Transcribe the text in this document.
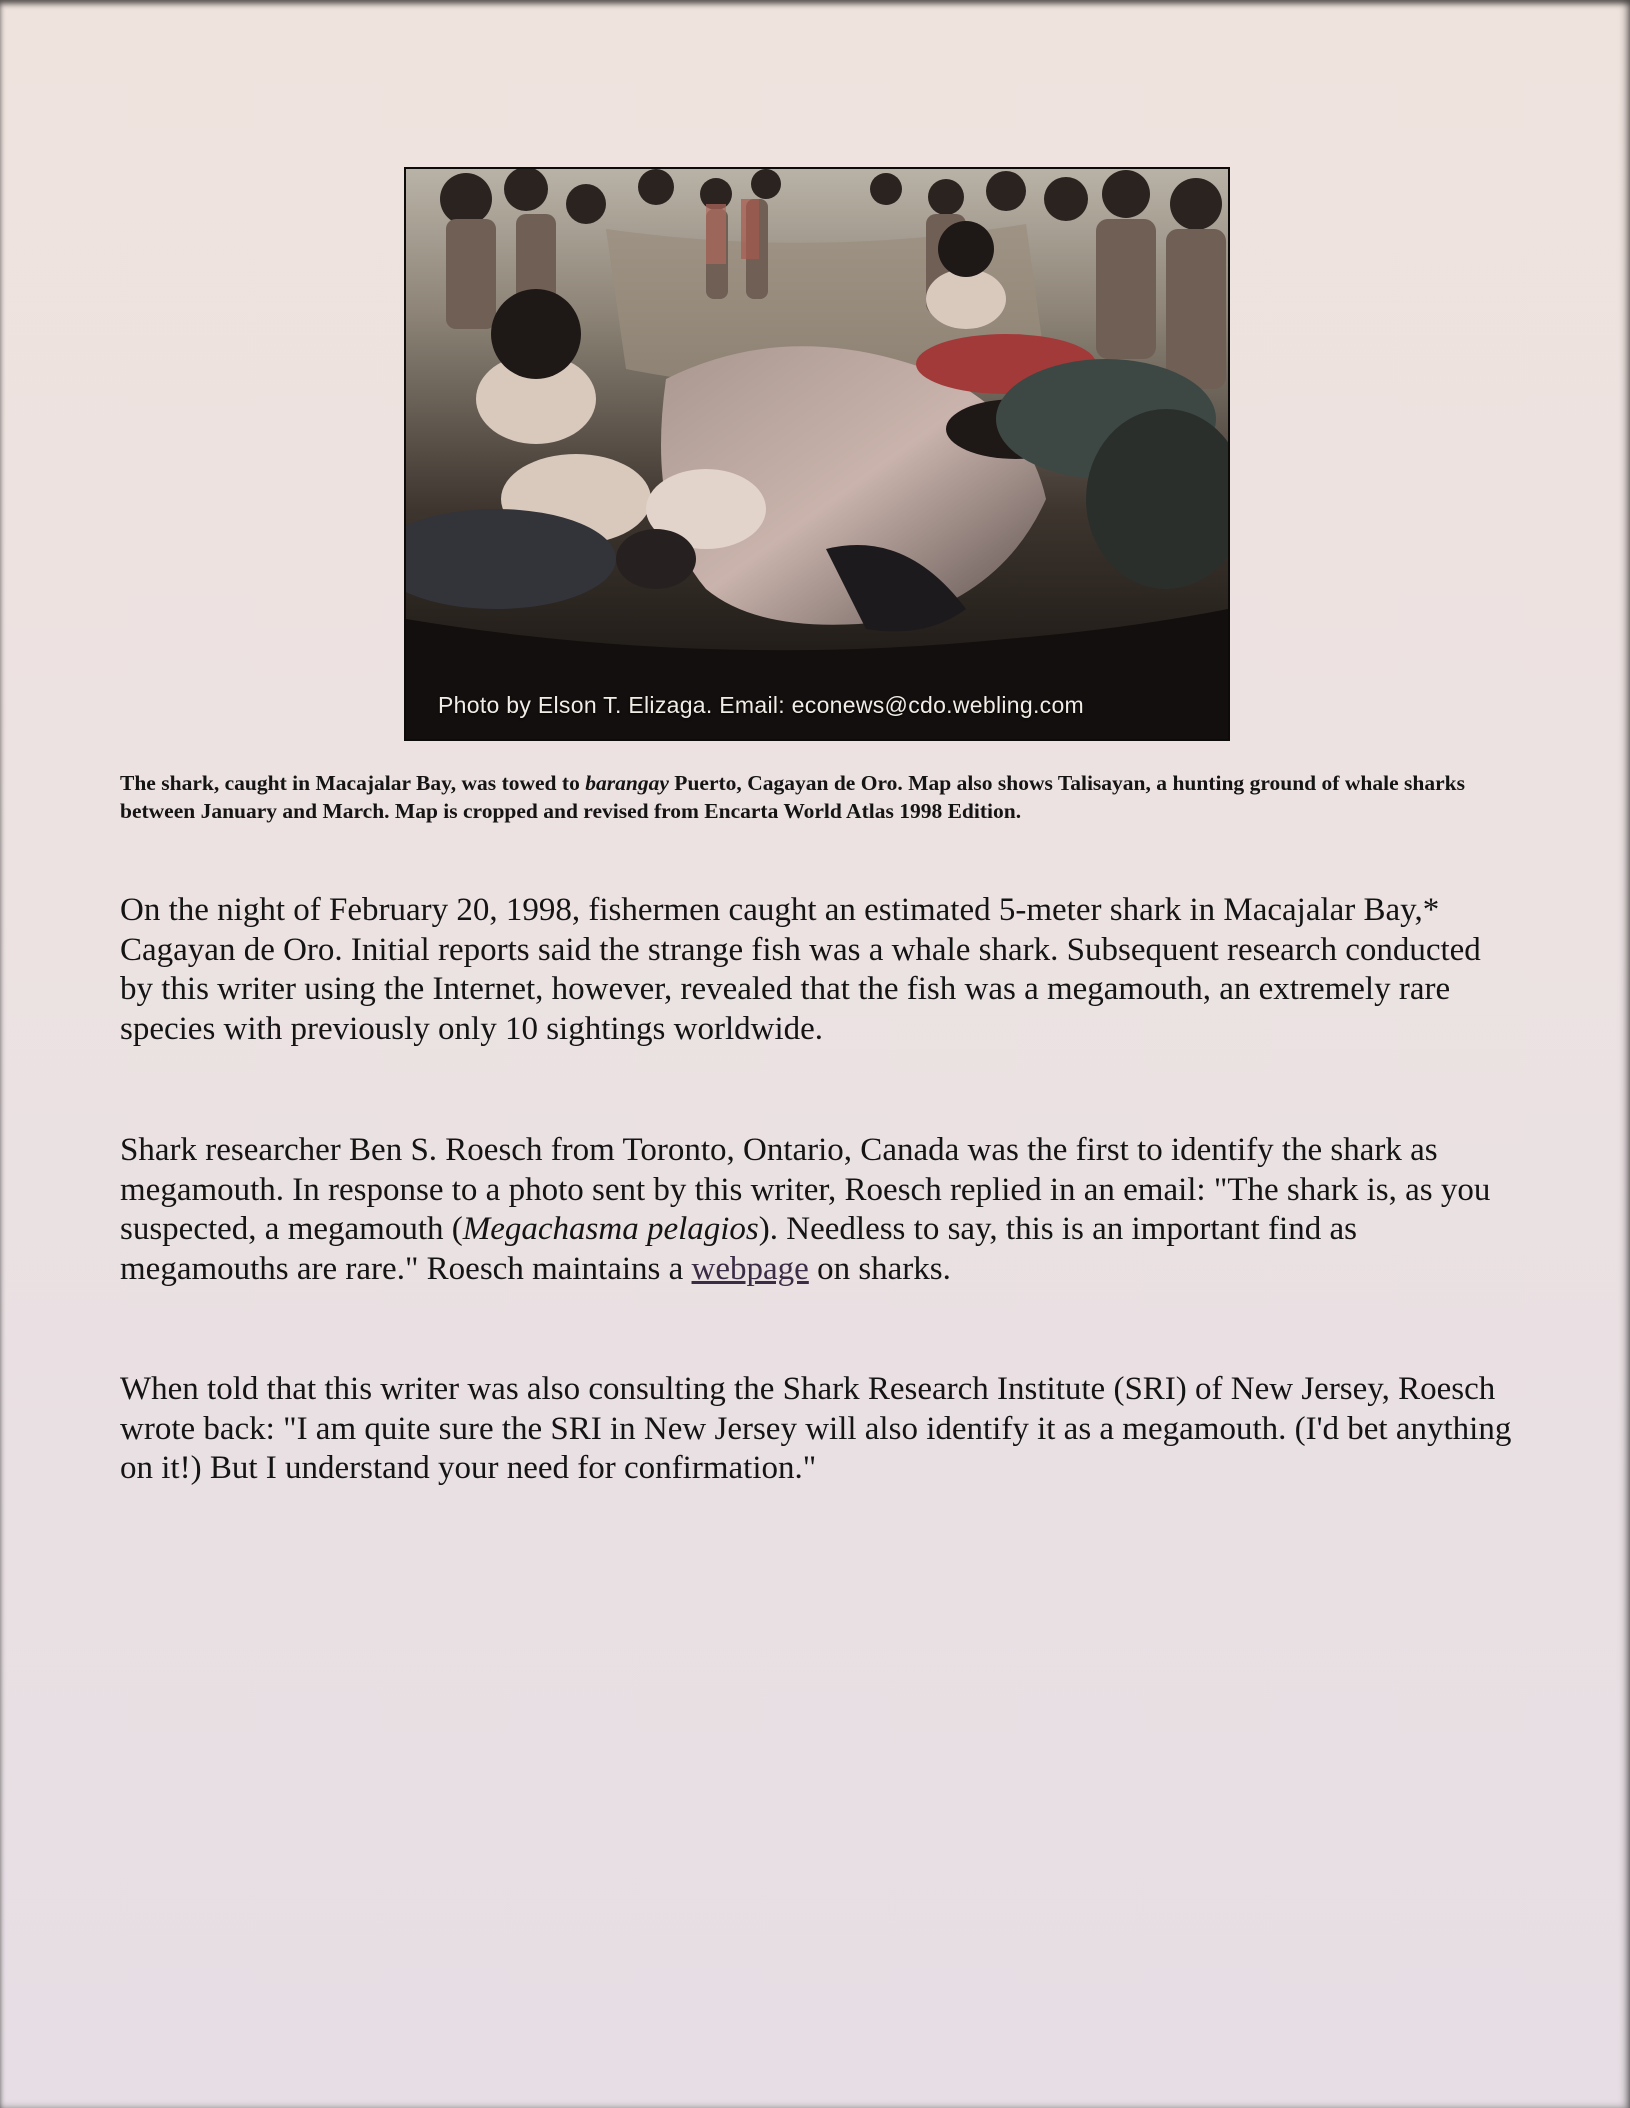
Photo by Elson T. Elizaga. Email: econews@cdo.webling.com
The shark, caught in Macajalar Bay, was towed to barangay Puerto, Cagayan de Oro. Map also shows Talisayan, a hunting ground of whale sharks between January and March. Map is cropped and revised from Encarta World Atlas 1998 Edition.

On the night of February 20, 1998, fishermen caught an estimated 5-meter shark in Macajalar Bay,* Cagayan de Oro. Initial reports said the strange fish was a whale shark. Subsequent research conducted by this writer using the Internet, however, revealed that the fish was a megamouth, an extremely rare species with previously only 10 sightings worldwide.

Shark researcher Ben S. Roesch from Toronto, Ontario, Canada was the first to identify the shark as megamouth. In response to a photo sent by this writer, Roesch replied in an email: "The shark is, as you suspected, a megamouth (Megachasma pelagios). Needless to say, this is an important find as megamouths are rare." Roesch maintains a webpage on sharks.

When told that this writer was also consulting the Shark Research Institute (SRI) of New Jersey, Roesch wrote back: "I am quite sure the SRI in New Jersey will also identify it as a megamouth. (I'd bet anything on it!) But I understand your need for confirmation."
